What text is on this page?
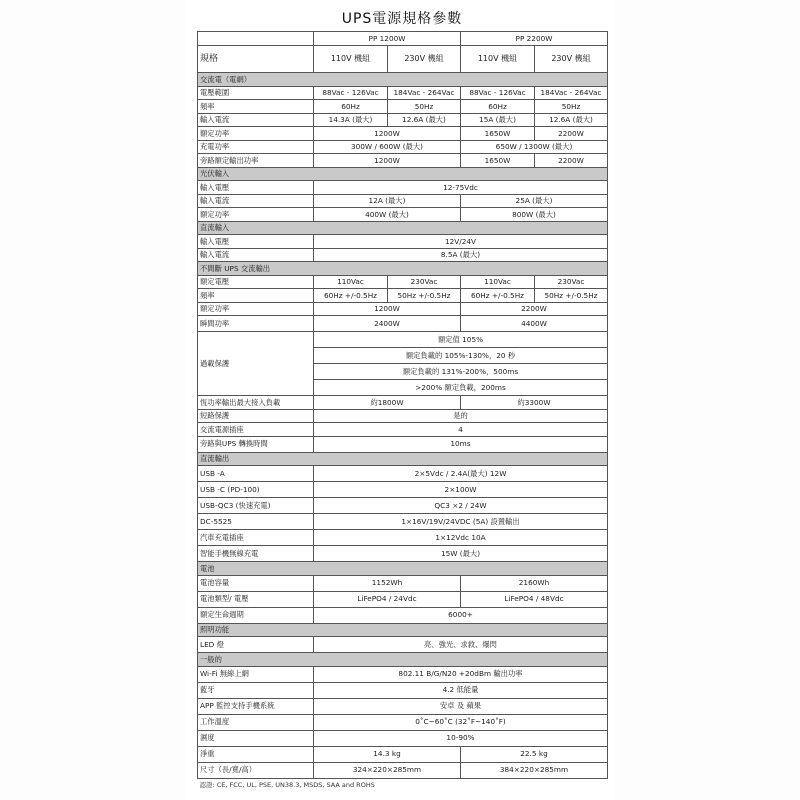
UPS電源規格參數
	PP 1200W		PP 2200W	
規格	110V 機組	230V 機組	110V 機組	230V 機組
交流電（電網）				
電壓範圍	88Vac - 126Vac	184Vac - 264Vac	88Vac - 126Vac	184Vac - 264Vac
頻率	60Hz	50Hz	60Hz	50Hz
輸入電流	14.3A (最大)	12.6A (最大)	15A (最大)	12.6A (最大)
額定功率	1200W		1650W	2200W
充電功率	300W / 600W (最大)		650W / 1300W (最大)	
旁路額定輸出功率	1200W		1650W	2200W
光伏輸入				
輸入電壓	12-75Vdc			
輸入電流	12A (最大)		25A (最大)	
額定功率	400W (最大)		800W (最大)	
直流輸入				
輸入電壓	12V/24V			
輸入電流	8.5A (最大)			
不間斷 UPS 交流輸出				
額定電壓	110Vac	230Vac	110Vac	230Vac
頻率	60Hz +/-0.5Hz	50Hz +/-0.5Hz	60Hz +/-0.5Hz	50Hz +/-0.5Hz
額定功率	1200W		2200W	
瞬間功率	2400W		4400W	
過載保護	額定值 105%			
	額定負載的 105%-130%，20 秒			
	額定負載的 131%-200%，500ms			
	>200% 額定負載，200ms			
恆功率輸出最大接入負載	約1800W		約3300W	
短路保護	是的			
交流電源插座	4			
旁路與UPS 轉換時間	10ms			
直流輸出				
USB -A	2×5Vdc / 2.4A(最大) 12W			
USB -C (PD-100)	2×100W			
USB-QC3 (快速充電)	QC3 ×2 / 24W			
DC-5525	1×16V/19V/24VDC (5A) 設置輸出			
汽車充電插座	1×12Vdc 10A			
智能手機無線充電	15W (最大)			
電池				
電池容量	1152Wh		2160Wh	
電池類型/ 電壓	LiFePO4 / 24Vdc		LiFePO4 / 48Vdc	
額定生命週期	6000+			
照明功能				
LED 燈	亮、強光、求救、爆閃			
一般的				
Wi-Fi 無線上網	802.11 B/G/N20 +20dBm 輸出功率			
藍牙	4.2 低能量			
APP 監控支持手機系統	安卓 及 蘋果			
工作溫度	0˚C~60˚C (32˚F~140˚F)			
濕度	10-90%			
淨重	14.3 kg		22.5 kg	
尺寸（長/寬/高）	324×220×285mm		384×220×285mm	
認證: CE, FCC, UL, PSE, UN38.3, MSDS, SAA and ROHS				
